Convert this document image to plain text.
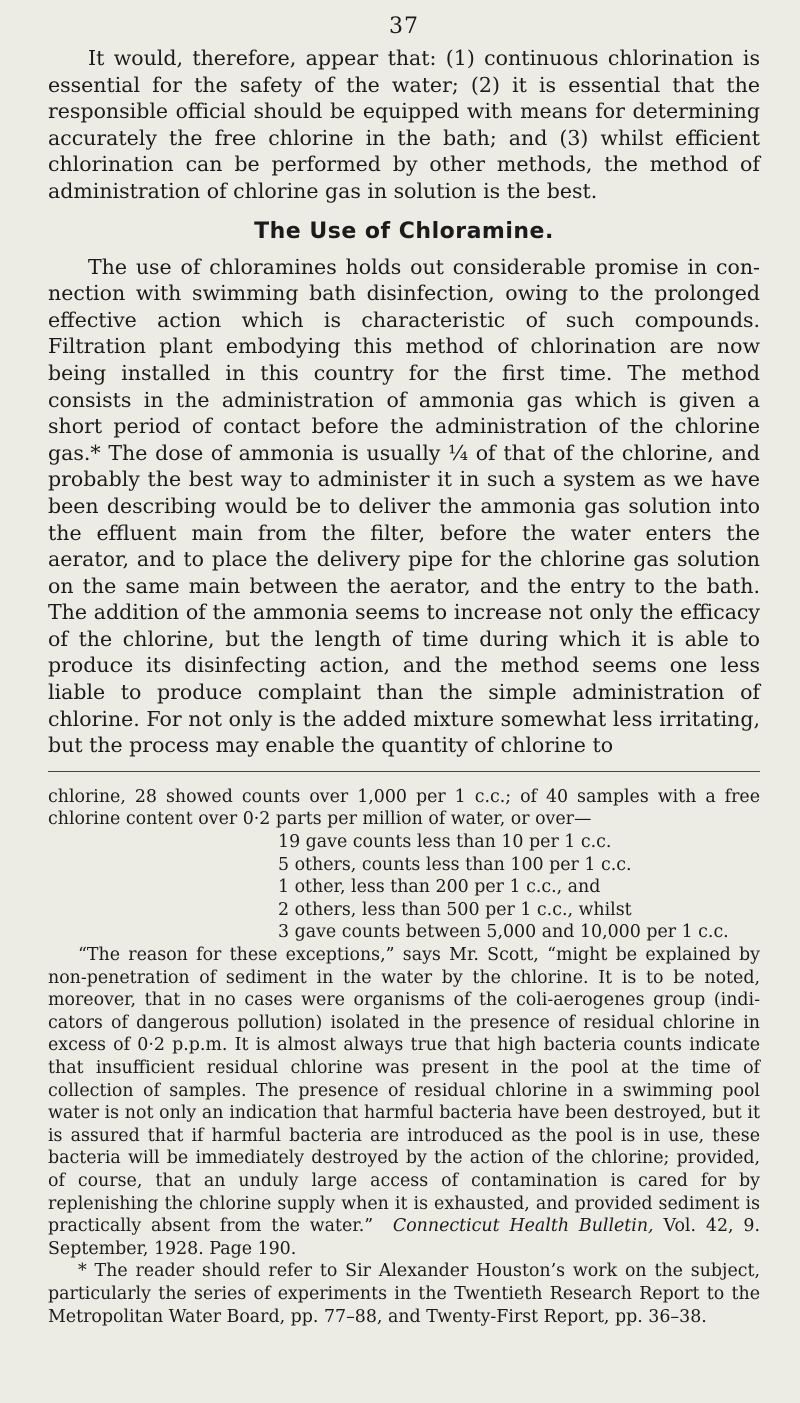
37

It would, therefore, appear that: (1) continuous chlorination is essential for the safety of the water; (2) it is essential that the responsible official should be equipped with means for determining accurately the free chlorine in the bath; and (3) whilst efficient chlorination can be performed by other methods, the method of administration of chlorine gas in solution is the best.

The Use of Chloramine.

The use of chloramines holds out considerable promise in con-nection with swimming bath disinfection, owing to the prolonged effective action which is characteristic of such compounds. Filtration plant embodying this method of chlorination are now being installed in this country for the first time. The method consists in the administration of ammonia gas which is given a short period of contact before the administration of the chlorine gas.* The dose of ammonia is usually ¼ of that of the chlorine, and probably the best way to administer it in such a system as we have been describing would be to deliver the ammonia gas solution into the effluent main from the filter, before the water enters the aerator, and to place the delivery pipe for the chlorine gas solution on the same main between the aerator, and the entry to the bath. The addition of the ammonia seems to increase not only the efficacy of the chlorine, but the length of time during which it is able to produce its disinfecting action, and the method seems one less liable to produce complaint than the simple administration of chlorine. For not only is the added mixture somewhat less irritating, but the process may enable the quantity of chlorine to

chlorine, 28 showed counts over 1,000 per 1 c.c.; of 40 samples with a free chlorine content over 0·2 parts per million of water, or over—

19 gave counts less than 10 per 1 c.c.
5 others, counts less than 100 per 1 c.c.
1 other, less than 200 per 1 c.c., and
2 others, less than 500 per 1 c.c., whilst
3 gave counts between 5,000 and 10,000 per 1 c.c.

“The reason for these exceptions,” says Mr. Scott, “might be explained by non-penetration of sediment in the water by the chlorine. It is to be noted, moreover, that in no cases were organisms of the coli-aerogenes group (indi-cators of dangerous pollution) isolated in the presence of residual chlorine in excess of 0·2 p.p.m. It is almost always true that high bacteria counts indicate that insufficient residual chlorine was present in the pool at the time of collection of samples. The presence of residual chlorine in a swimming pool water is not only an indication that harmful bacteria have been destroyed, but it is assured that if harmful bacteria are introduced as the pool is in use, these bacteria will be immediately destroyed by the action of the chlorine; provided, of course, that an unduly large access of contamination is cared for by replenishing the chlorine supply when it is exhausted, and provided sediment is practically absent from the water.” Connecticut Health Bulletin, Vol. 42, 9. September, 1928. Page 190.

* The reader should refer to Sir Alexander Houston’s work on the subject, particularly the series of experiments in the Twentieth Research Report to the Metropolitan Water Board, pp. 77–88, and Twenty-First Report, pp. 36–38.
